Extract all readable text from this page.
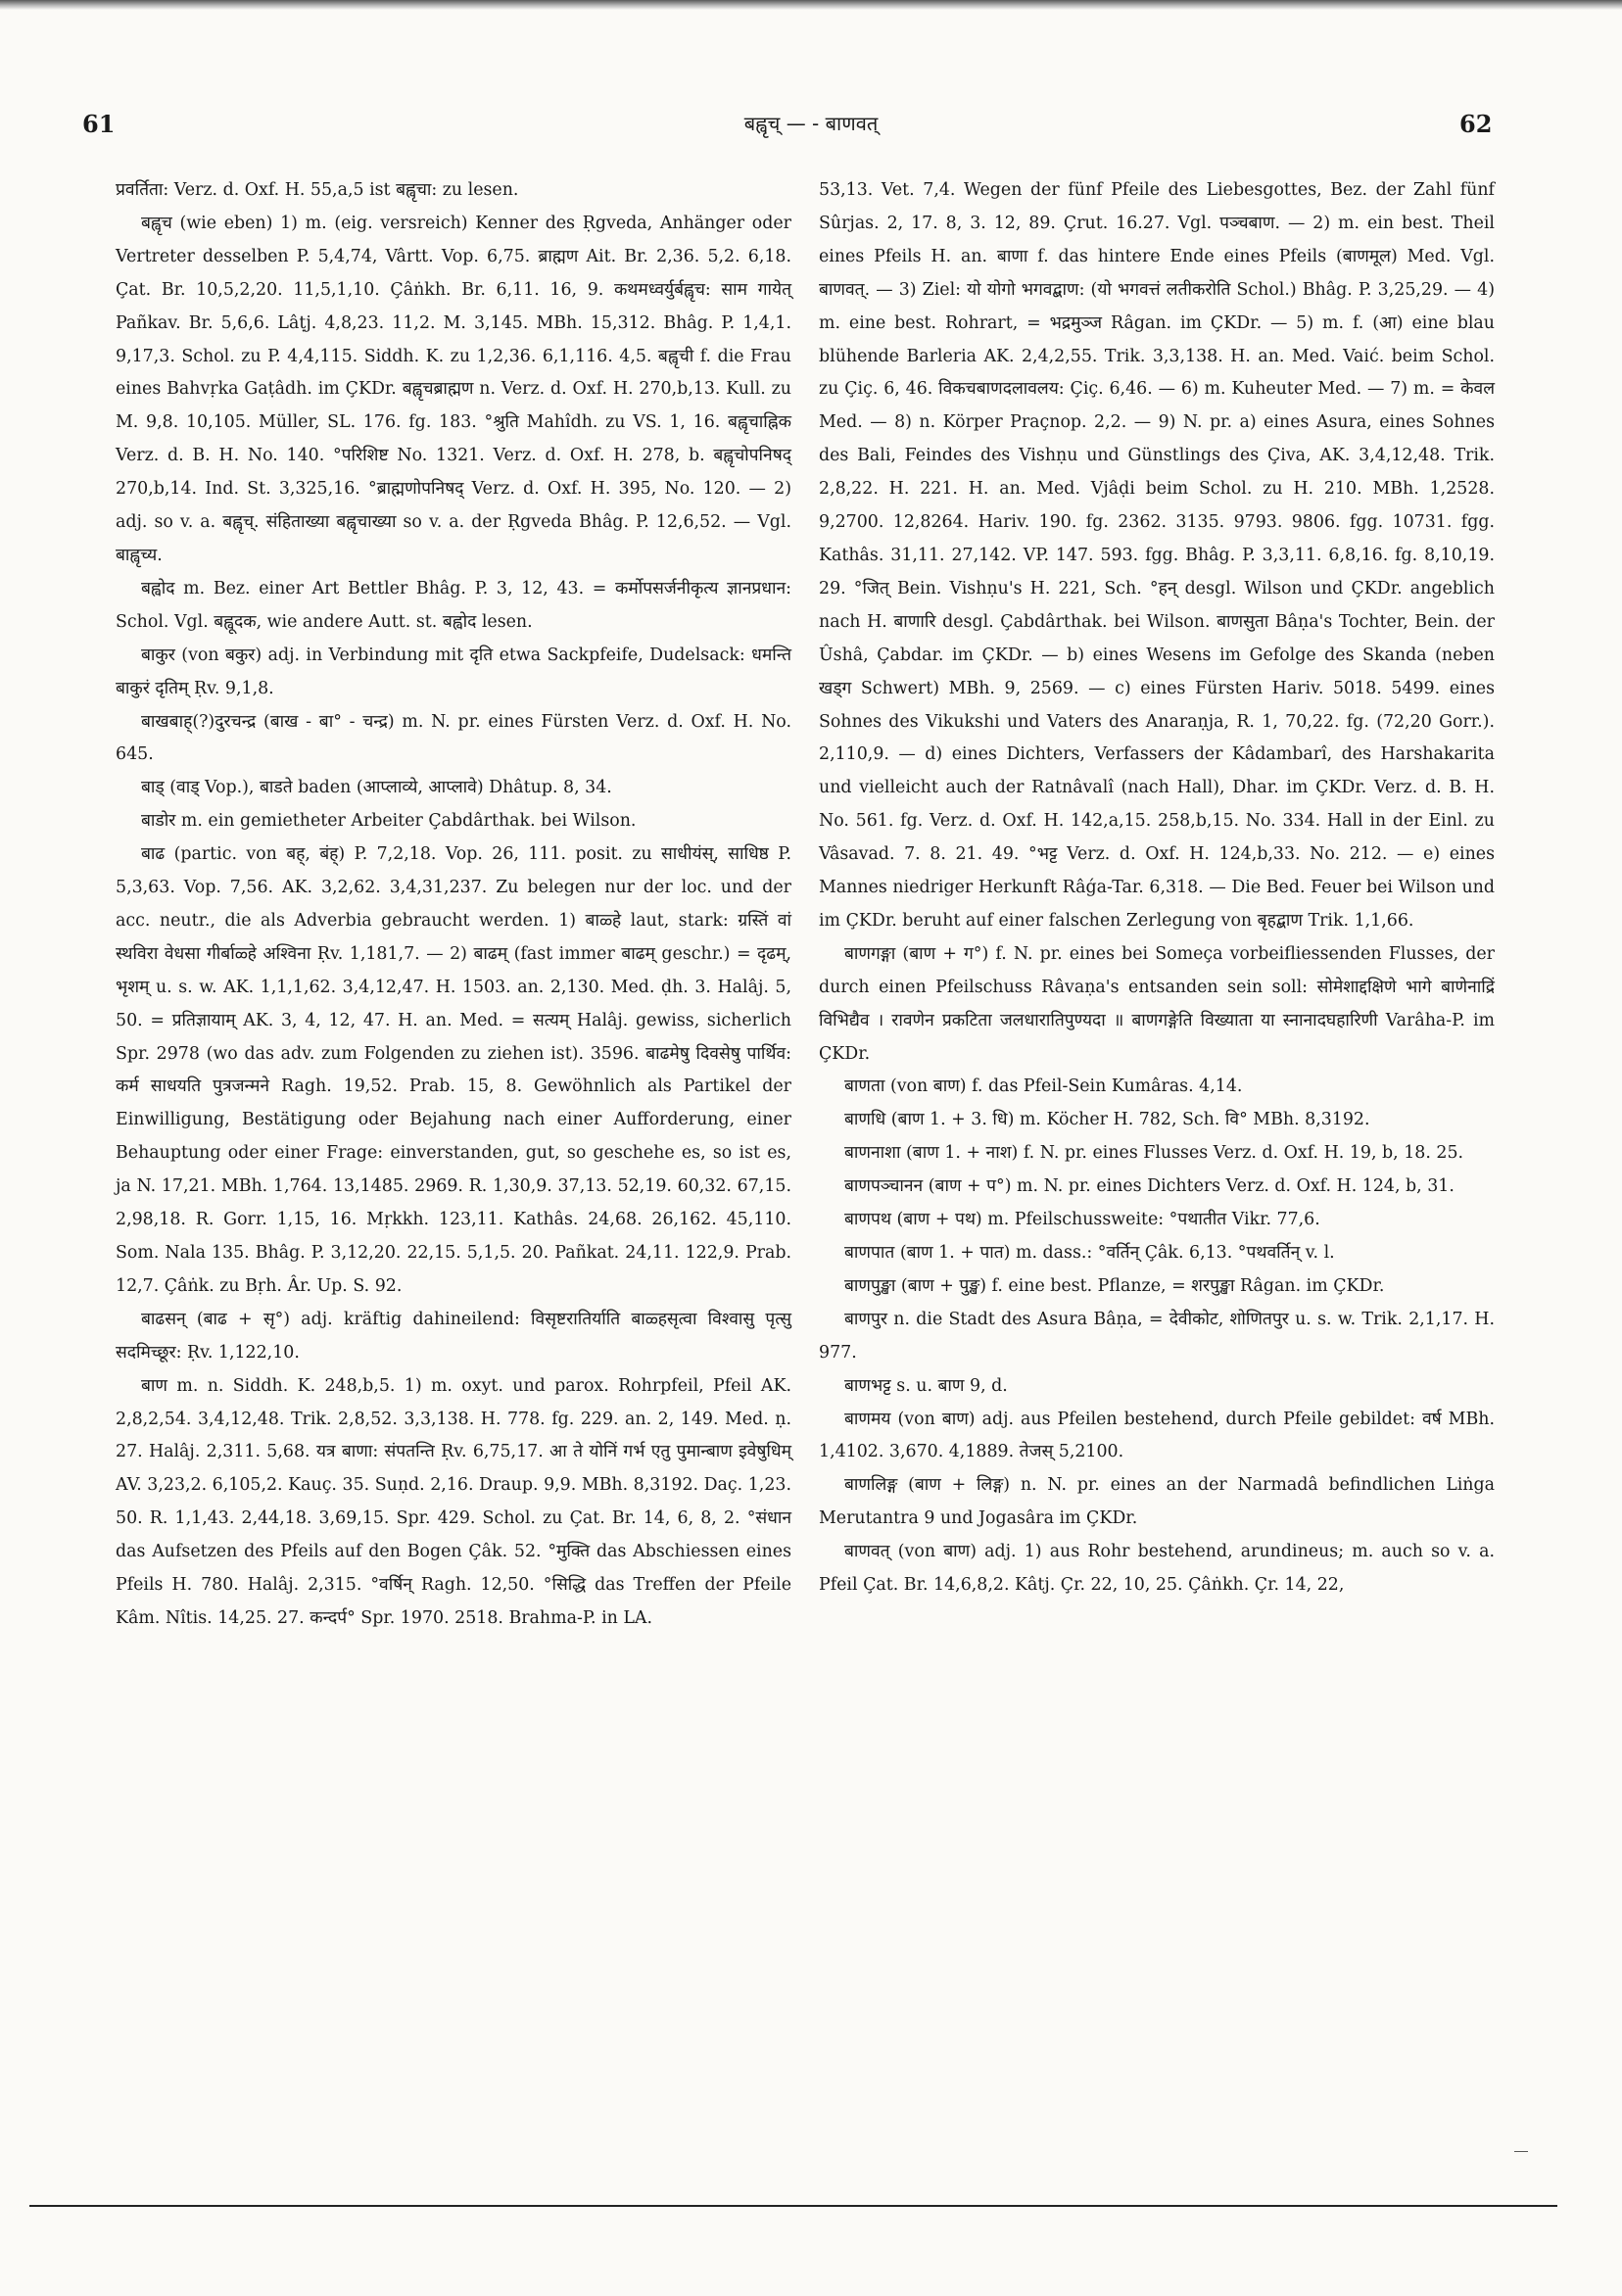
61	बह्वृच् — - बाणवत्	62

प्रवर्तिता: Verz. d. Oxf. H. 55,a,5 ist बह्वृचा: zu lesen.

बह्वृच (wie eben) 1) m. (eig. versreich) Kenner des Ṛgveda, Anhänger oder Vertreter desselben P. 5,4,74, Vârtt. Vop. 6,75. ब्राह्मण Ait. Br. 2,36. 5,2. 6,18. Çat. Br. 10,5,2,20. 11,5,1,10. Çâṅkh. Br. 6,11. 16, 9. कथमध्वर्युर्बह्वृच: साम गायेत् Pañkav. Br. 5,6,6. Lâṭj. 4,8,23. 11,2. M. 3,145. MBh. 15,312. Bhâg. P. 1,4,1. 9,17,3. Schol. zu P. 4,4,115. Siddh. K. zu 1,2,36. 6,1,116. 4,5. बह्वृची f. die Frau eines Bahvṛka Gaṭâdh. im ÇKDr. बह्वृचब्राह्मण n. Verz. d. Oxf. H. 270,b,13. Kull. zu M. 9,8. 10,105. Müller, SL. 176. fg. 183. °श्रुति Mahîdh. zu VS. 1, 16. बह्वृचाह्निक Verz. d. B. H. No. 140. °परिशिष्ट No. 1321. Verz. d. Oxf. H. 278, b. बह्वृचोपनिषद् 270,b,14. Ind. St. 3,325,16. °ब्राह्मणोपनिषद् Verz. d. Oxf. H. 395, No. 120. — 2) adj. so v. a. बह्वृच्. संहिताख्या बह्वृचाख्या so v. a. der Ṛgveda Bhâg. P. 12,6,52. — Vgl. बाह्वृच्य.

बह्वोद m. Bez. einer Art Bettler Bhâg. P. 3, 12, 43. = कर्मोपसर्जनीकृत्य ज्ञानप्रधान: Schol. Vgl. बह्वूदक, wie andere Autt. st. बह्वोद lesen.

बाकुर (von बकुर) adj. in Verbindung mit दृति etwa Sackpfeife, Dudelsack: धमन्ति बाकुरं दृतिम् Ṛv. 9,1,8.

बाखबाह्(?)दुरचन्द्र (बाख - बा° - चन्द्र) m. N. pr. eines Fürsten Verz. d. Oxf. H. No. 645.

बाड् (वाड् Vop.), बाडते baden (आप्लाव्ये, आप्लावे) Dhâtup. 8, 34.

बाडोर m. ein gemietheter Arbeiter Çabdârthak. bei Wilson.

बाढ (partic. von बह्, बंह्) P. 7,2,18. Vop. 26, 111. posit. zu साधीयंस्, साधिष्ठ P. 5,3,63. Vop. 7,56. AK. 3,2,62. 3,4,31,237. Zu belegen nur der loc. und der acc. neutr., die als Adverbia gebraucht werden. 1) बाळ्हे laut, stark: ग्रस्तिं वां स्थविरा वेधसा गीर्बाळ्हे अश्विना Ṛv. 1,181,7. — 2) बाढम् (fast immer बाढम् geschr.) = दृढम्, भृशम् u. s. w. AK. 1,1,1,62. 3,4,12,47. H. 1503. an. 2,130. Med. ḍh. 3. Halâj. 5, 50. = प्रतिज्ञायाम् AK. 3, 4, 12, 47. H. an. Med. = सत्यम् Halâj. gewiss, sicherlich Spr. 2978 (wo das adv. zum Folgenden zu ziehen ist). 3596. बाढमेषु दिवसेषु पार्थिव: कर्म साधयति पुत्रजन्मने Ragh. 19,52. Prab. 15, 8. Gewöhnlich als Partikel der Einwilligung, Bestätigung oder Bejahung nach einer Aufforderung, einer Behauptung oder einer Frage: einverstanden, gut, so geschehe es, so ist es, ja N. 17,21. MBh. 1,764. 13,1485. 2969. R. 1,30,9. 37,13. 52,19. 60,32. 67,15. 2,98,18. R. Gorr. 1,15, 16. Mṛkkh. 123,11. Kathâs. 24,68. 26,162. 45,110. Som. Nala 135. Bhâg. P. 3,12,20. 22,15. 5,1,5. 20. Pañkat. 24,11. 122,9. Prab. 12,7. Çâṅk. zu Bṛh. Âr. Up. S. 92.

बाढसन् (बाढ + सृ°) adj. kräftig dahineilend: विसृष्टरातिर्याति बाळ्हसृत्वा विश्वासु पृत्सु सदमिच्छूर: Ṛv. 1,122,10.

बाण m. n. Siddh. K. 248,b,5. 1) m. oxyt. und parox. Rohrpfeil, Pfeil AK. 2,8,2,54. 3,4,12,48. Trik. 2,8,52. 3,3,138. H. 778. fg. 229. an. 2, 149. Med. ṇ. 27. Halâj. 2,311. 5,68. यत्र बाणा: संपतन्ति Ṛv. 6,75,17. आ ते योनिं गर्भ एतु पुमान्बाण इवेषुधिम् AV. 3,23,2. 6,105,2. Kauç. 35. Suṇd. 2,16. Draup. 9,9. MBh. 8,3192. Daç. 1,23. 50. R. 1,1,43. 2,44,18. 3,69,15. Spr. 429. Schol. zu Çat. Br. 14, 6, 8, 2. °संधान das Aufsetzen des Pfeils auf den Bogen Çâk. 52. °मुक्ति das Abschiessen eines Pfeils H. 780. Halâj. 2,315. °वर्षिन् Ragh. 12,50. °सिद्धि das Treffen der Pfeile Kâm. Nîtis. 14,25. 27. कन्दर्प° Spr. 1970. 2518. Brahma-P. in LA.

53,13. Vet. 7,4. Wegen der fünf Pfeile des Liebesgottes, Bez. der Zahl fünf Sûrjas. 2, 17. 8, 3. 12, 89. Çrut. 16.27. Vgl. पञ्चबाण. — 2) m. ein best. Theil eines Pfeils H. an. बाणा f. das hintere Ende eines Pfeils (बाणमूल) Med. Vgl. बाणवत्. — 3) Ziel: यो योगो भगवद्बाण: (यो भगवत्तं लतीकरोति Schol.) Bhâg. P. 3,25,29. — 4) m. eine best. Rohrart, = भद्रमुञ्ज Râgan. im ÇKDr. — 5) m. f. (आ) eine blau blühende Barleria AK. 2,4,2,55. Trik. 3,3,138. H. an. Med. Vaić. beim Schol. zu Çiç. 6, 46. विकचबाणदलावलय: Çiç. 6,46. — 6) m. Kuheuter Med. — 7) m. = केवल Med. — 8) n. Körper Praçnop. 2,2. — 9) N. pr. a) eines Asura, eines Sohnes des Bali, Feindes des Vishṇu und Günstlings des Çiva, AK. 3,4,12,48. Trik. 2,8,22. H. 221. H. an. Med. Vjâḍi beim Schol. zu H. 210. MBh. 1,2528. 9,2700. 12,8264. Hariv. 190. fg. 2362. 3135. 9793. 9806. fgg. 10731. fgg. Kathâs. 31,11. 27,142. VP. 147. 593. fgg. Bhâg. P. 3,3,11. 6,8,16. fg. 8,10,19. 29. °जित् Bein. Vishṇu's H. 221, Sch. °हन् desgl. Wilson und ÇKDr. angeblich nach H. बाणारि desgl. Çabdârthak. bei Wilson. बाणसुता Bâṇa's Tochter, Bein. der Ûshâ, Çabdar. im ÇKDr. — b) eines Wesens im Gefolge des Skanda (neben खड्ग Schwert) MBh. 9, 2569. — c) eines Fürsten Hariv. 5018. 5499. eines Sohnes des Vikukshi und Vaters des Anaraṇja, R. 1, 70,22. fg. (72,20 Gorr.). 2,110,9. — d) eines Dichters, Verfassers der Kâdambarî, des Harshakarita und vielleicht auch der Ratnâvalî (nach Hall), Dhar. im ÇKDr. Verz. d. B. H. No. 561. fg. Verz. d. Oxf. H. 142,a,15. 258,b,15. No. 334. Hall in der Einl. zu Vâsavad. 7. 8. 21. 49. °भट्ट Verz. d. Oxf. H. 124,b,33. No. 212. — e) eines Mannes niedriger Herkunft Râǵa-Tar. 6,318. — Die Bed. Feuer bei Wilson und im ÇKDr. beruht auf einer falschen Zerlegung von बृहद्बाण Trik. 1,1,66.

बाणगङ्गा (बाण + ग°) f. N. pr. eines bei Someça vorbeifliessenden Flusses, der durch einen Pfeilschuss Râvaṇa's entsanden sein soll: सोमेशाद्दक्षिणे भागे बाणेनाद्रिं विभिद्यैव । रावणेन प्रकटिता जलधारातिपुण्यदा ॥ बाणगङ्गेति विख्याता या स्नानादघहारिणी Varâha-P. im ÇKDr.

बाणता (von बाण) f. das Pfeil-Sein Kumâras. 4,14.

बाणधि (बाण 1. + 3. धि) m. Köcher H. 782, Sch. वि° MBh. 8,3192.

बाणनाशा (बाण 1. + नाश) f. N. pr. eines Flusses Verz. d. Oxf. H. 19, b, 18. 25.

बाणपञ्चानन (बाण + प°) m. N. pr. eines Dichters Verz. d. Oxf. H. 124, b, 31.

बाणपथ (बाण + पथ) m. Pfeilschussweite: °पथातीत Vikr. 77,6.

बाणपात (बाण 1. + पात) m. dass.: °वर्तिन् Çâk. 6,13. °पथवर्तिन् v. l.

बाणपुङ्खा (बाण + पुङ्ख) f. eine best. Pflanze, = शरपुङ्खा Râgan. im ÇKDr.

बाणपुर n. die Stadt des Asura Bâṇa, = देवीकोट, शोणितपुर u. s. w. Trik. 2,1,17. H. 977.

बाणभट्ट s. u. बाण 9, d.

बाणमय (von बाण) adj. aus Pfeilen bestehend, durch Pfeile gebildet: वर्ष MBh. 1,4102. 3,670. 4,1889. तेजस् 5,2100.

बाणलिङ्ग (बाण + लिङ्ग) n. N. pr. eines an der Narmadâ befindlichen Liṅga Merutantra 9 und Jogasâra im ÇKDr.

बाणवत् (von बाण) adj. 1) aus Rohr bestehend, arundineus; m. auch so v. a. Pfeil Çat. Br. 14,6,8,2. Kâtj. Çr. 22, 10, 25. Çâṅkh. Çr. 14, 22,
